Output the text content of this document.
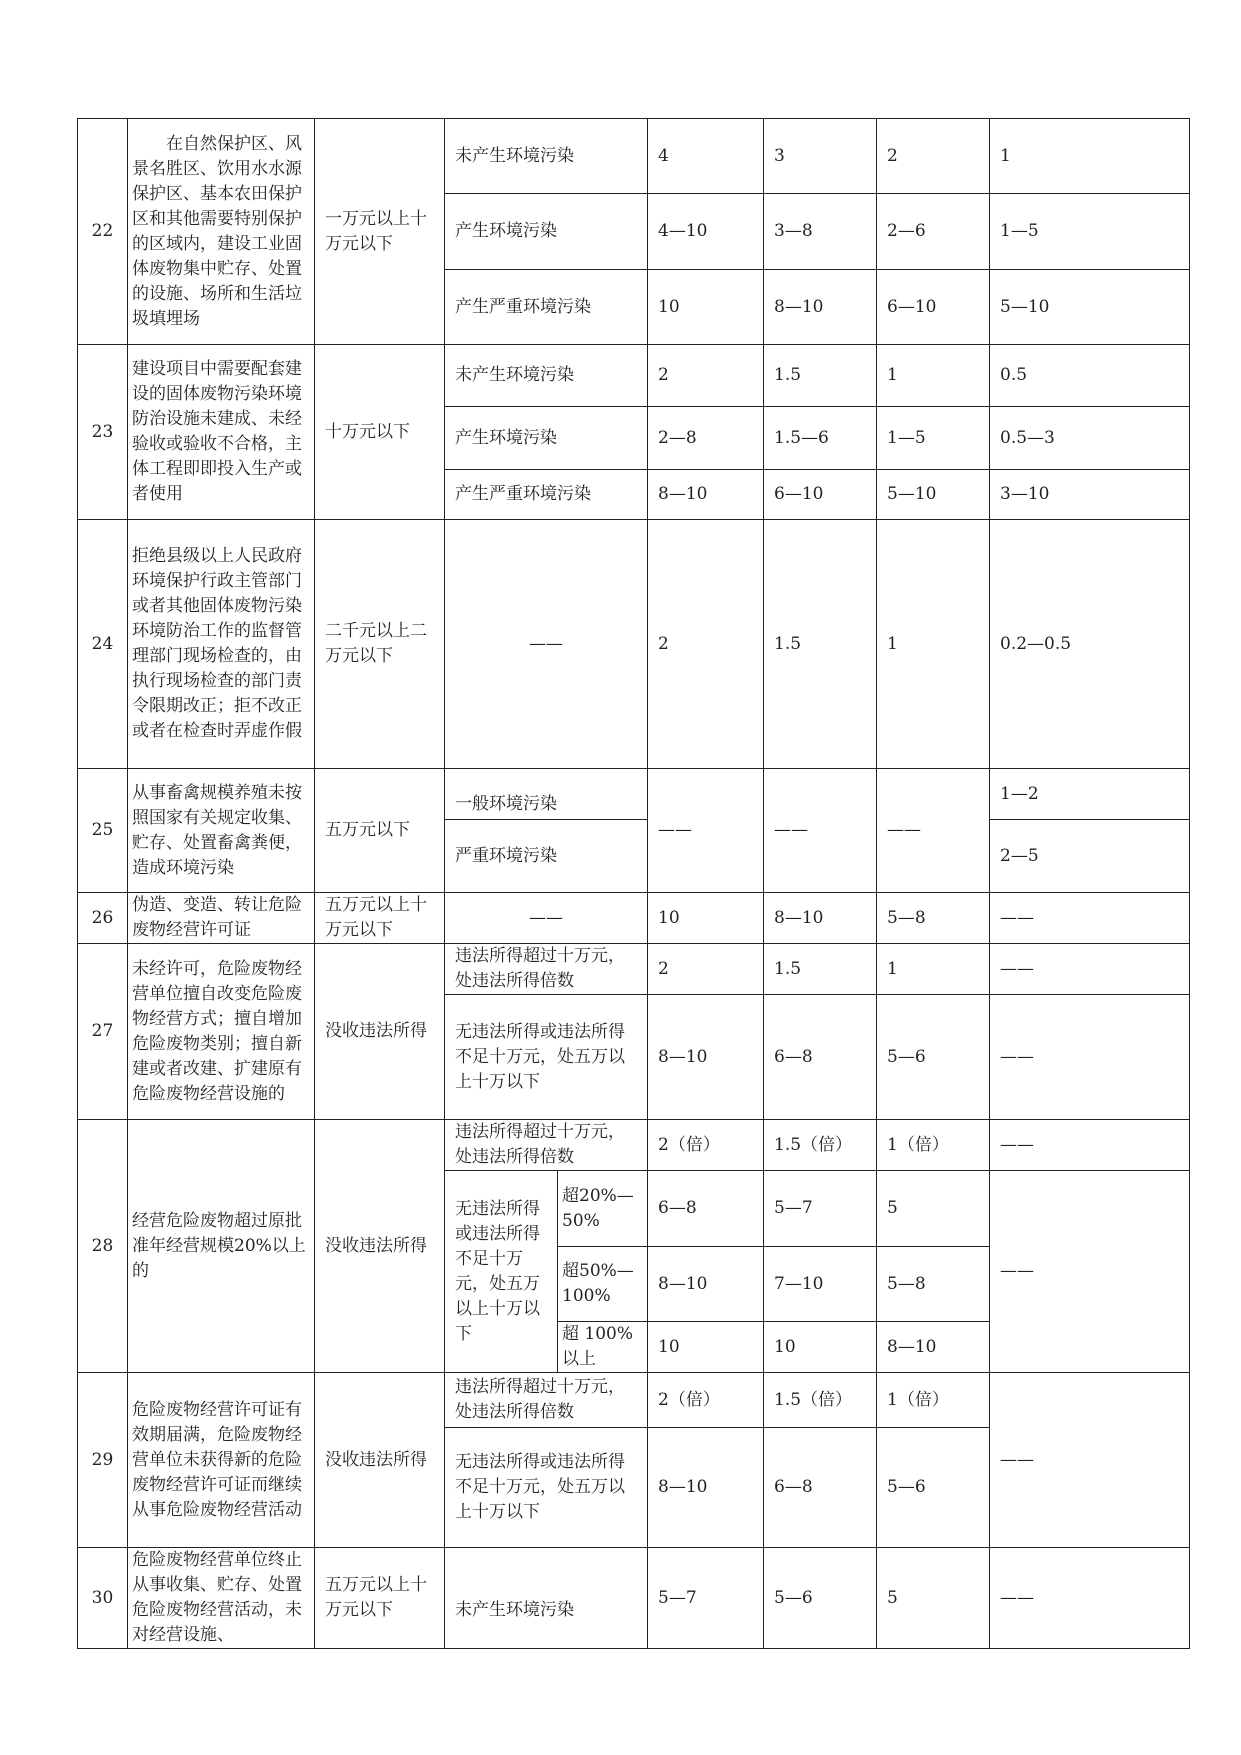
22	　　在自然保护区、风景名胜区、饮用水水源保护区、基本农田保护区和其他需要特别保护的区域内，建设工业固体废物集中贮存、处置的设施、场所和生活垃圾填埋场	一万元以上十万元以下	未产生环境污染		4	3	2	1
			产生环境污染		4—10	3—8	2—6	1—5
			产生严重环境污染		10	8—10	6—10	5—10
23	建设项目中需要配套建设的固体废物污染环境防治设施未建成、未经验收或验收不合格，主体工程即即投入生产或者使用	十万元以下	未产生环境污染		2	1.5	1	0.5
			产生环境污染		2—8	1.5—6	1—5	0.5—3
			产生严重环境污染		8—10	6—10	5—10	3—10
24	拒绝县级以上人民政府环境保护行政主管部门或者其他固体废物污染环境防治工作的监督管理部门现场检查的，由执行现场检查的部门责令限期改正；拒不改正或者在检查时弄虚作假	二千元以上二万元以下	——		2	1.5	1	0.2—0.5
25	从事畜禽规模养殖未按照国家有关规定收集、贮存、处置畜禽粪便，造成环境污染	五万元以下	一般环境污染		——	——	——	1—2
			严重环境污染					2—5
26	伪造、变造、转让危险废物经营许可证	五万元以上十万元以下	——		10	8—10	5—8	——
27	未经许可，危险废物经营单位擅自改变危险废物经营方式；擅自增加危险废物类别；擅自新建或者改建、扩建原有危险废物经营设施的	没收违法所得	违法所得超过十万元，处违法所得倍数		2	1.5	1	——
			无违法所得或违法所得不足十万元，处五万以上十万以下		8—10	6—8	5—6	——
28	经营危险废物超过原批准年经营规模20%以上的	没收违法所得	违法所得超过十万元，处违法所得倍数		2（倍）	1.5（倍）	1（倍）	——
			无违法所得或违法所得不足十万元，处五万以上十万以下	超20%—50%	6—8	5—7	5	——
				超50%—100%	8—10	7—10	5—8	
				超 100%以上	10	10	8—10	
29	危险废物经营许可证有效期届满，危险废物经营单位未获得新的危险废物经营许可证而继续从事危险废物经营活动	没收违法所得	违法所得超过十万元，处违法所得倍数		2（倍）	1.5（倍）	1（倍）	——
			无违法所得或违法所得不足十万元，处五万以上十万以下		8—10	6—8	5—6	
30	危险废物经营单位终止从事收集、贮存、处置危险废物经营活动，未对经营设施、	五万元以上十万元以下	未产生环境污染		5—7	5—6	5	——
